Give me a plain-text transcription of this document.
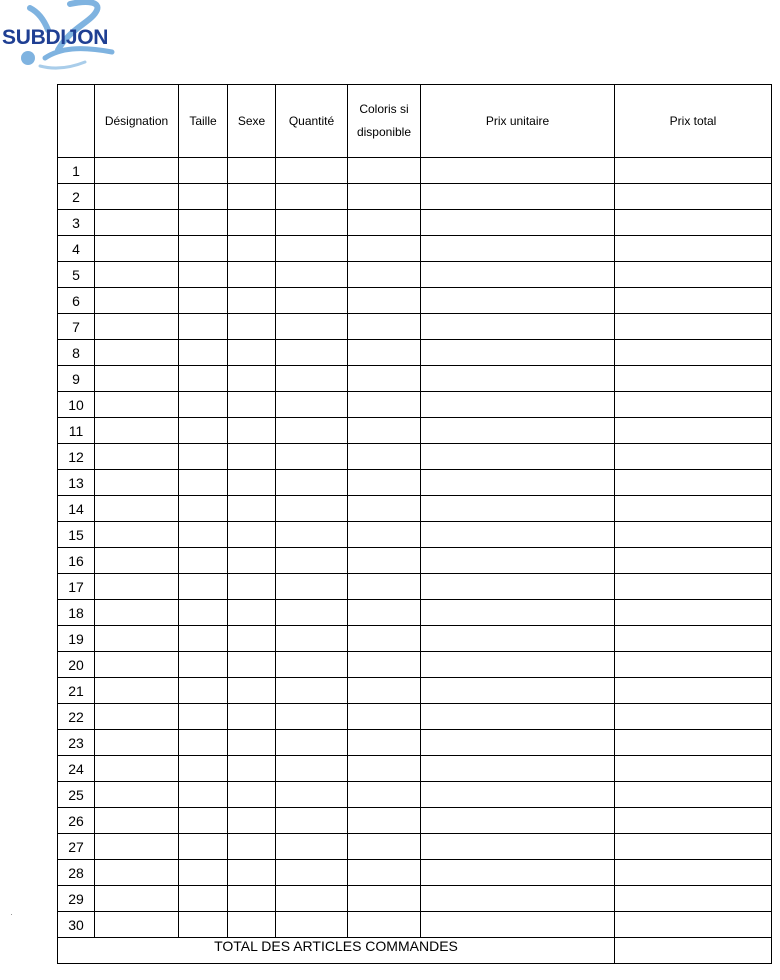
SUBDIJON
	Désignation	Taille	Sexe	Quantité	Coloris si disponible	Prix unitaire	Prix total
1							
2							
3							
4							
5							
6							
7							
8							
9							
10							
11							
12							
13							
14							
15							
16							
17							
18							
19							
20							
21							
22							
23							
24							
25							
26							
27							
28							
29							
30							
TOTAL DES ARTICLES COMMANDES							
